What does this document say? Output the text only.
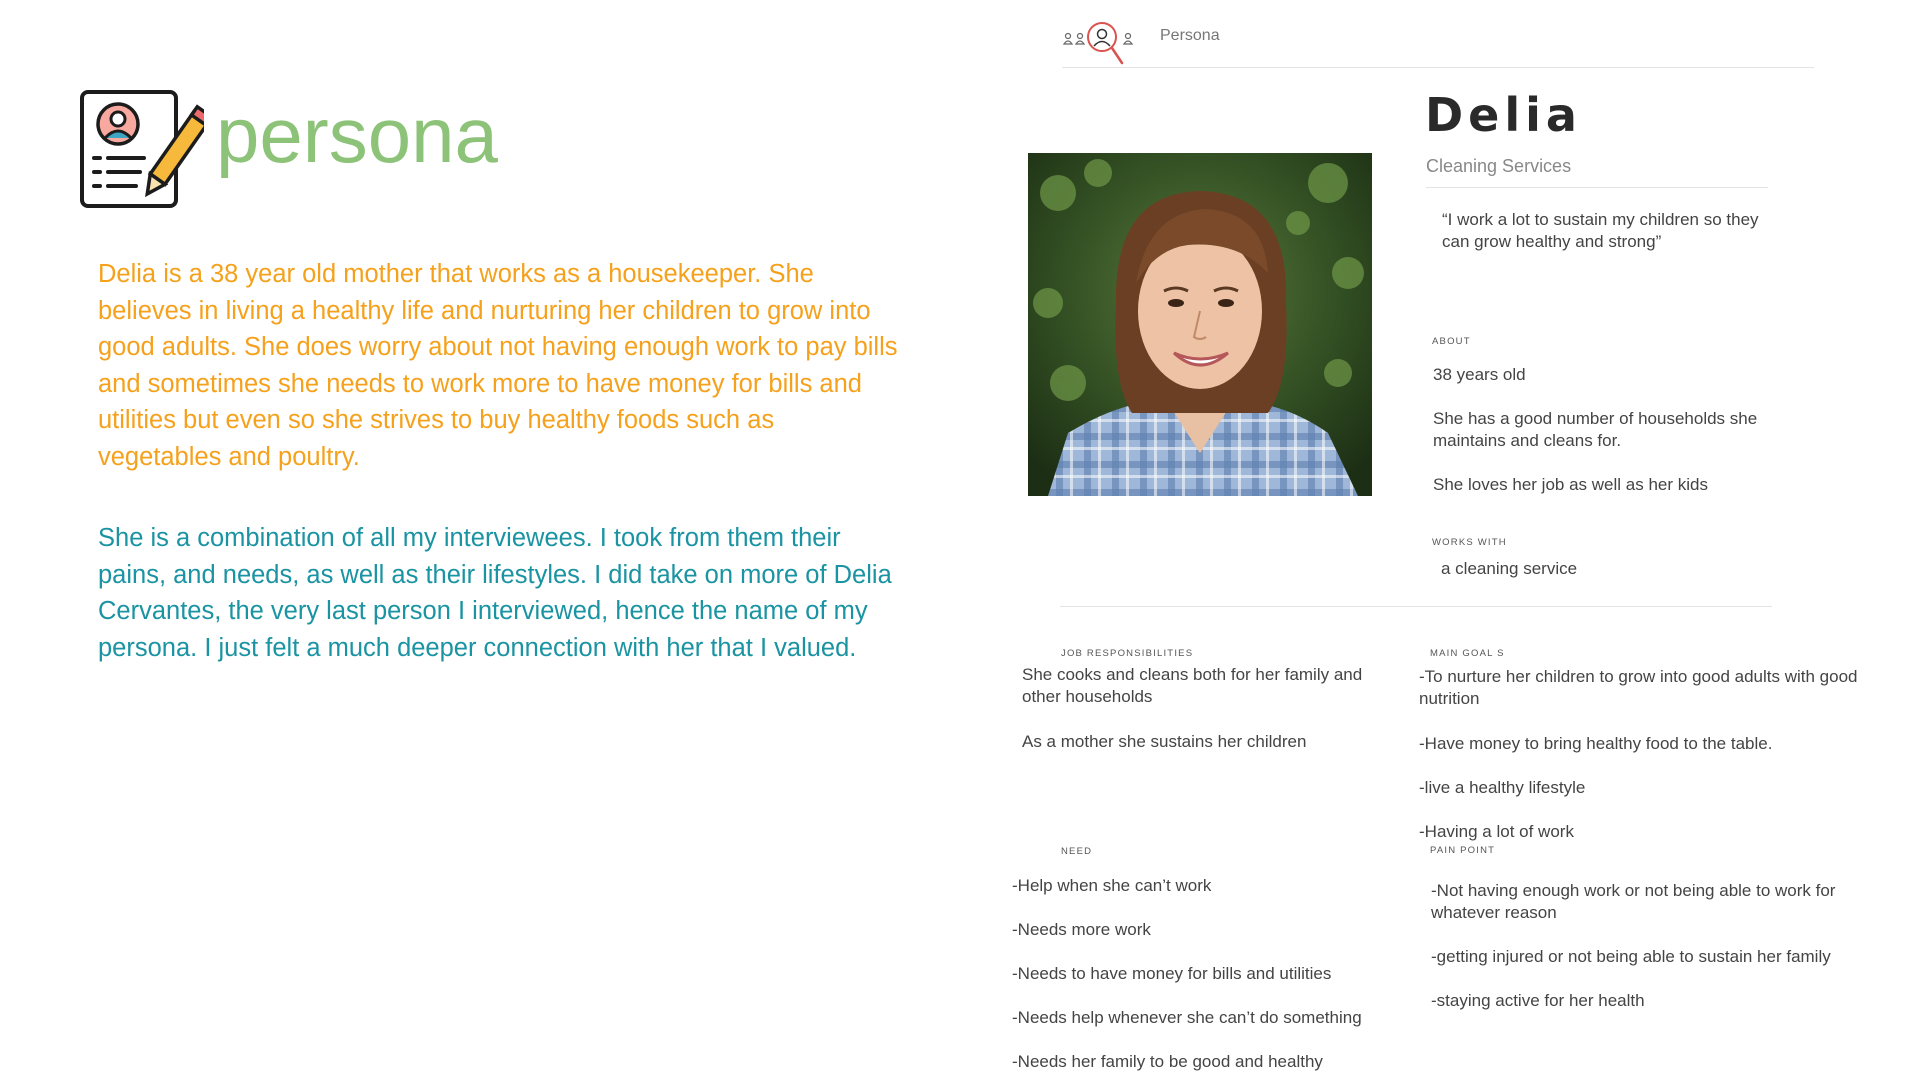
persona

Delia is a 38 year old mother that works as a housekeeper. She believes in living a healthy life and nurturing her children to grow into good adults. She does worry about not having enough work to pay bills and sometimes she needs to work more to have money for bills and utilities but even so she strives to buy healthy foods such as vegetables and poultry.

She is a combination of all my interviewees. I took from them their pains, and needs, as well as their lifestyles. I did take on more of Delia Cervantes, the very last person I interviewed, hence the name of my persona. I just felt a much deeper connection with her that I valued.

Persona
Delia
Cleaning Services
“I work a lot to sustain my children so they can grow healthy and strong”
ABOUT

38 years old

She has a good number of households she maintains and cleans for.

She loves her job as well as her kids

WORKS WITH

a cleaning service

JOB RESPONSIBILITIES

She cooks and cleans both for her family and other households

As a mother she sustains her children

MAIN GOAL S

-To nurture her children to grow into good adults with good nutrition

-Have money to bring healthy food to the table.

-live a healthy lifestyle

-Having a lot of work

NEED

-Help when she can’t work

-Needs more work

-Needs to have money for bills and utilities

-Needs help whenever she can’t do something

-Needs her family to be good and healthy

PAIN POINT

-Not having enough work or not being able to work for whatever reason

-getting injured or not being able to sustain her family

-staying active for her health
